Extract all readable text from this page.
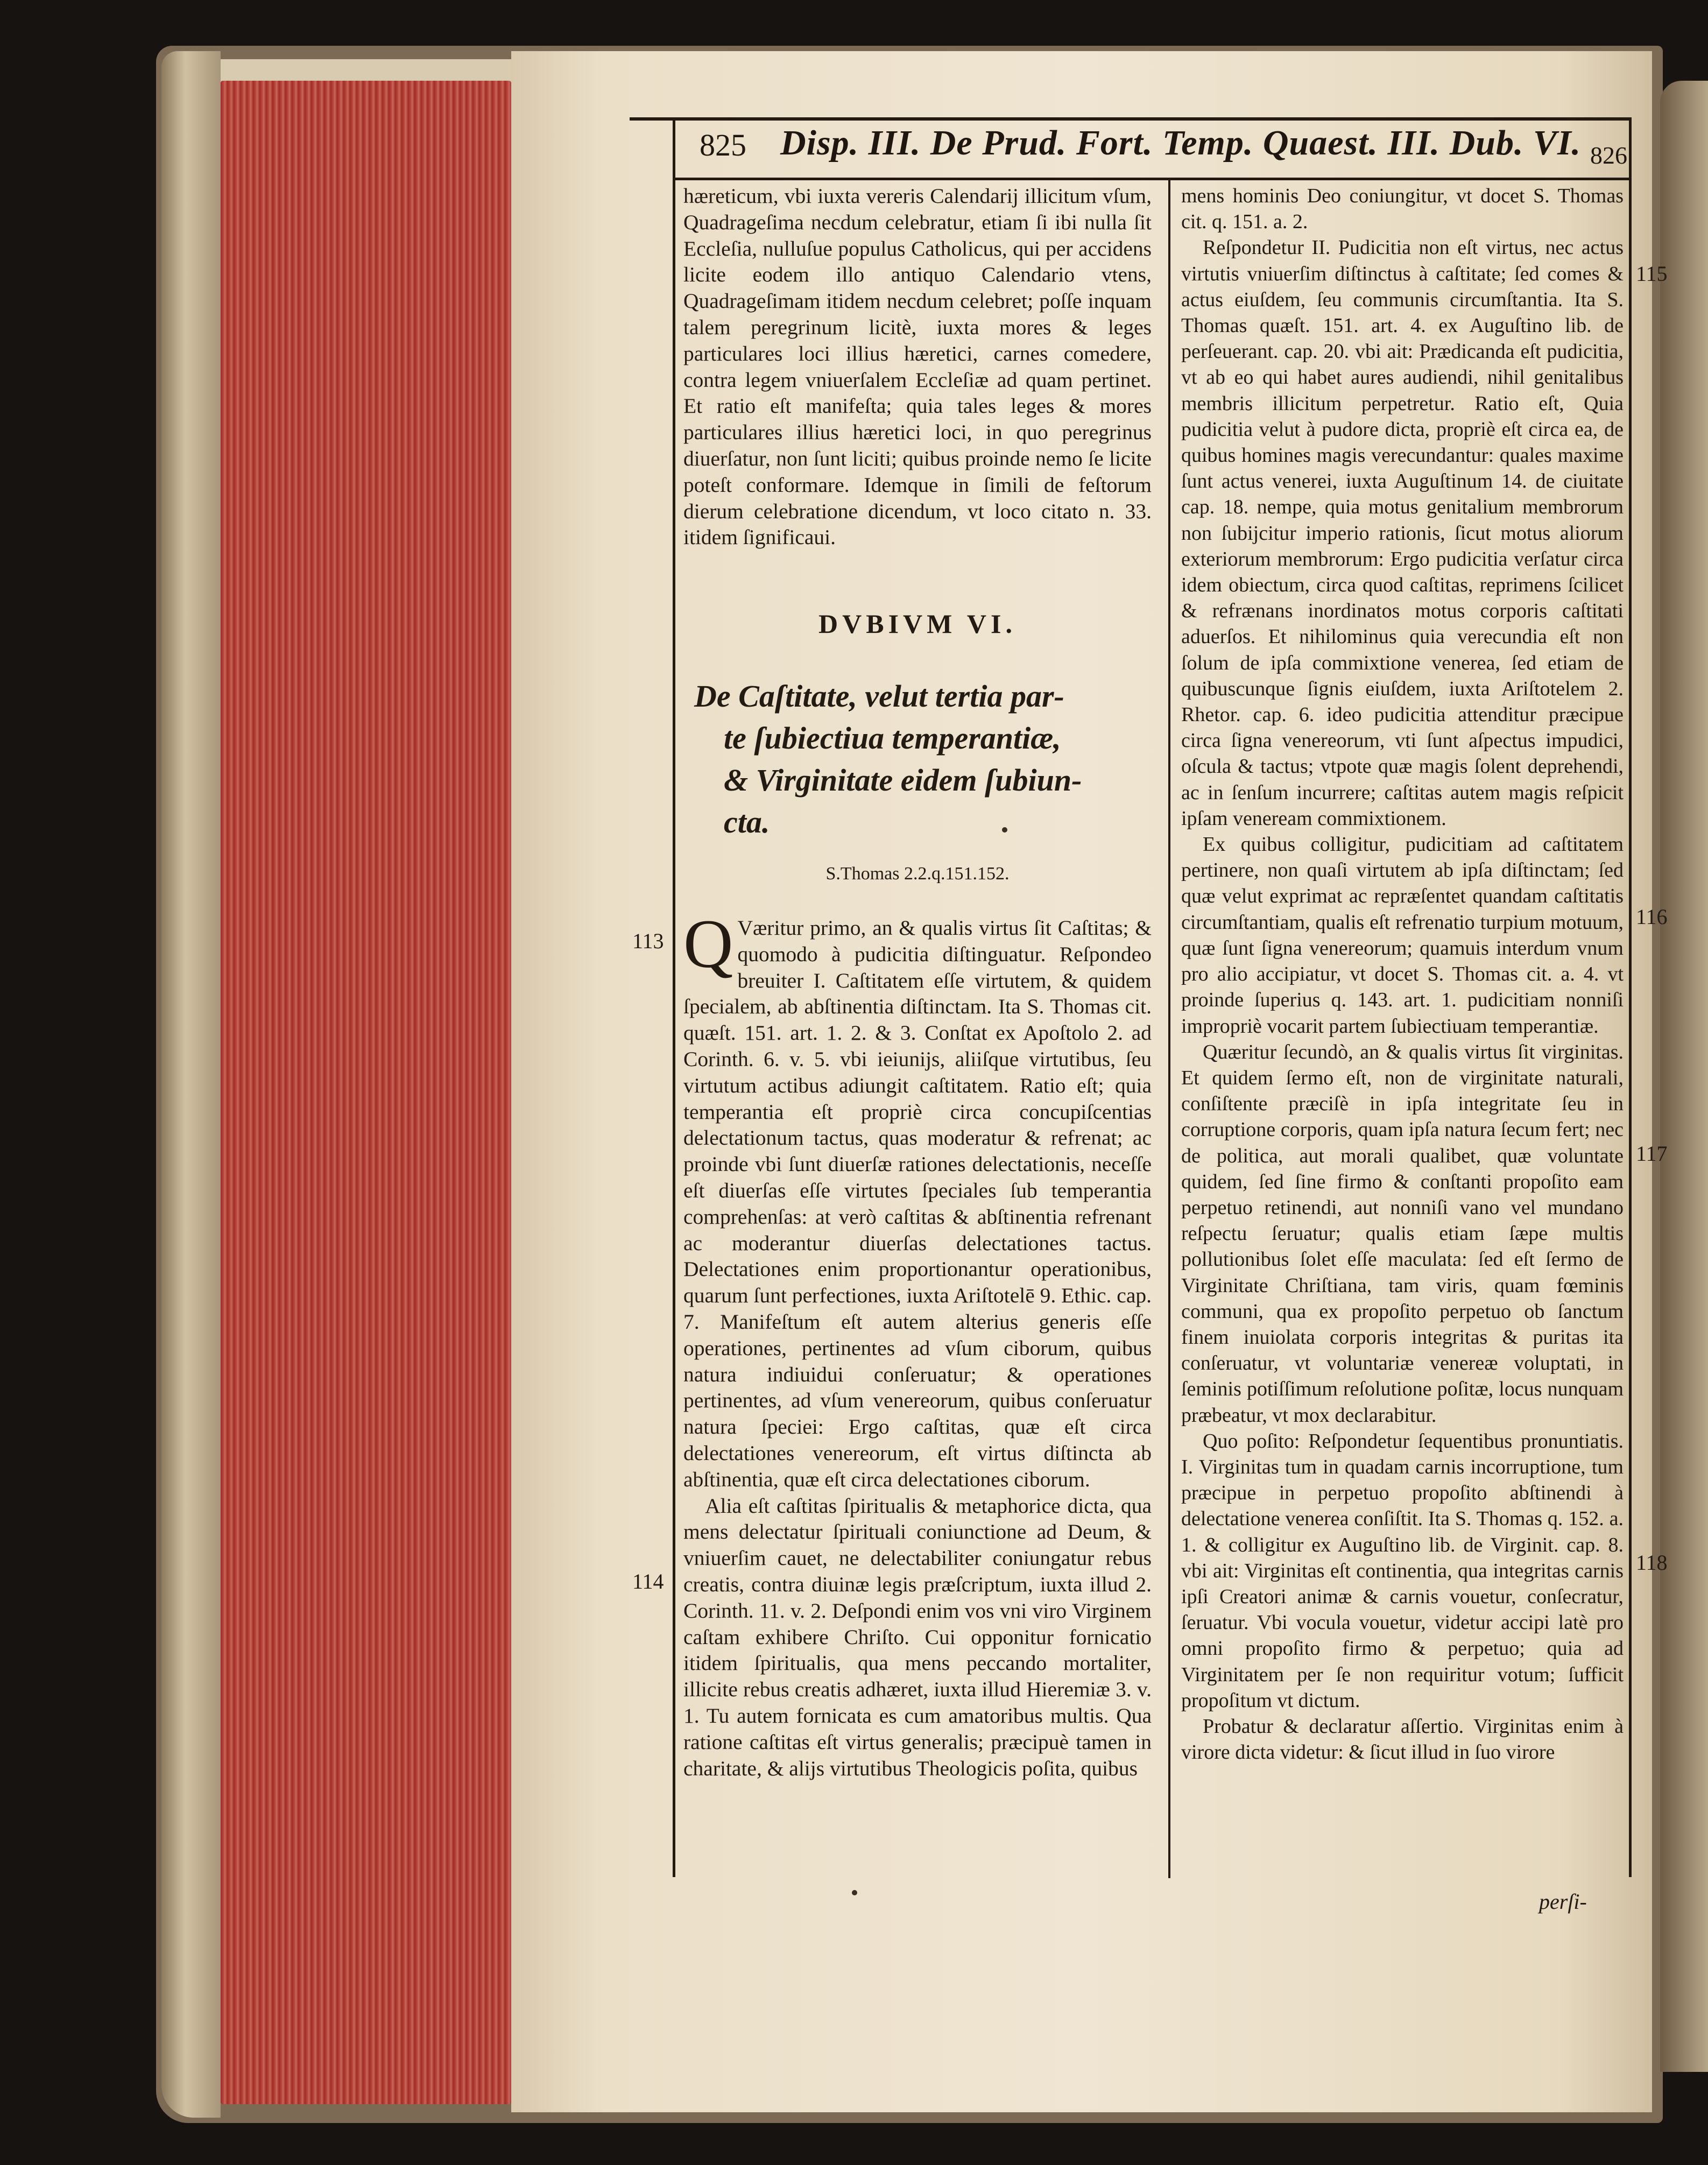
825 Disp. III. De Prud. Fort. Temp. Quaest. III. Dub. VI. 826

hæreticum, vbi iuxta vereris Calendarij illicitum vſum, Quadrageſima necdum celebratur, etiam ſi ibi nulla ſit Eccleſia, nulluſue populus Catholicus, qui per accidens licite eodem illo antiquo Calendario vtens, Quadrageſimam itidem necdum celebret; poſſe inquam talem peregrinum licitè, iuxta mores & leges particulares loci illius hæretici, carnes comedere, contra legem vniuerſalem Eccleſiæ ad quam pertinet. Et ratio eſt manifeſta; quia tales leges & mores particulares illius hæretici loci, in quo peregrinus diuerſatur, non ſunt liciti; quibus proinde nemo ſe licite poteſt conformare. Idemque in ſimili de feſtorum dierum celebratione dicendum, vt loco citato n. 33. itidem ſignificaui.

DVBIVM VI.
De Caſtitate, velut tertia par-
te ſubiectiua temperantiæ,
& Virginitate eidem ſubiun-
cta.
S.Thomas 2.2.q.151.152.

Q Væritur primo, an & qualis virtus ſit Caſtitas; & quomodo à pudicitia diſtinguatur. Reſpondeo breuiter I. Caſtitatem eſſe virtutem, & quidem ſpecialem, ab abſtinentia diſtinctam. Ita S. Thomas cit. quæſt. 151. art. 1. 2. & 3. Conſtat ex Apoſtolo 2. ad Corinth. 6. v. 5. vbi ieiunijs, aliiſque virtutibus, ſeu virtutum actibus adiungit caſtitatem. Ratio eſt; quia temperantia eſt propriè circa concupiſcentias delectationum tactus, quas moderatur & refrenat; ac proinde vbi ſunt diuerſæ rationes delectationis, neceſſe eſt diuerſas eſſe virtutes ſpeciales ſub temperantia comprehenſas: at verò caſtitas & abſtinentia refrenant ac moderantur diuerſas delectationes tactus. Delectationes enim proportionantur operationibus, quarum ſunt perfectiones, iuxta Ariſtotelē 9. Ethic. cap. 7. Manifeſtum eſt autem alterius generis eſſe operationes, pertinentes ad vſum ciborum, quibus natura indiuidui conſeruatur; & operationes pertinentes, ad vſum venereorum, quibus conſeruatur natura ſpeciei: Ergo caſtitas, quæ eſt circa delectationes venereorum, eſt virtus diſtincta ab abſtinentia, quæ eſt circa delectationes ciborum.

Alia eſt caſtitas ſpiritualis & metaphorice dicta, qua mens delectatur ſpirituali coniunctione ad Deum, & vniuerſim cauet, ne delectabiliter coniungatur rebus creatis, contra diuinæ legis præſcriptum, iuxta illud 2. Corinth. 11. v. 2. Deſpondi enim vos vni viro Virginem caſtam exhibere Chriſto. Cui opponitur fornicatio itidem ſpiritualis, qua mens peccando mortaliter, illicite rebus creatis adhæret, iuxta illud Hieremiæ 3. v. 1. Tu autem fornicata es cum amatoribus multis. Qua ratione caſtitas eſt virtus generalis; præcipuè tamen in charitate, & alijs virtutibus Theologicis poſita, quibus

mens hominis Deo coniungitur, vt docet S. Thomas cit. q. 151. a. 2.

Reſpondetur II. Pudicitia non eſt virtus, nec actus virtutis vniuerſim diſtinctus à caſtitate; ſed comes & actus eiuſdem, ſeu communis circumſtantia. Ita S. Thomas quæſt. 151. art. 4. ex Auguſtino lib. de perſeuerant. cap. 20. vbi ait: Prædicanda eſt pudicitia, vt ab eo qui habet aures audiendi, nihil genitalibus membris illicitum perpetretur. Ratio eſt, Quia pudicitia velut à pudore dicta, propriè eſt circa ea, de quibus homines magis verecundantur: quales maxime ſunt actus venerei, iuxta Auguſtinum 14. de ciuitate cap. 18. nempe, quia motus genitalium membrorum non ſubijcitur imperio rationis, ſicut motus aliorum exteriorum membrorum: Ergo pudicitia verſatur circa idem obiectum, circa quod caſtitas, reprimens ſcilicet & refrænans inordinatos motus corporis caſtitati aduerſos. Et nihilominus quia verecundia eſt non ſolum de ipſa commixtione venerea, ſed etiam de quibuscunque ſignis eiuſdem, iuxta Ariſtotelem 2. Rhetor. cap. 6. ideo pudicitia attenditur præcipue circa ſigna venereorum, vti ſunt aſpectus impudici, oſcula & tactus; vtpote quæ magis ſolent deprehendi, ac in ſenſum incurrere; caſtitas autem magis reſpicit ipſam veneream commixtionem.

Ex quibus colligitur, pudicitiam ad caſtitatem pertinere, non quaſi virtutem ab ipſa diſtinctam; ſed quæ velut exprimat ac repræſentet quandam caſtitatis circumſtantiam, qualis eſt refrenatio turpium motuum, quæ ſunt ſigna venereorum; quamuis interdum vnum pro alio accipiatur, vt docet S. Thomas cit. a. 4. vt proinde ſuperius q. 143. art. 1. pudicitiam nonniſi impropriè vocarit partem ſubiectiuam temperantiæ.

Quæritur ſecundò, an & qualis virtus ſit virginitas. Et quidem ſermo eſt, non de virginitate naturali, conſiſtente præciſè in ipſa integritate ſeu in corruptione corporis, quam ipſa natura ſecum fert; nec de politica, aut morali qualibet, quæ voluntate quidem, ſed ſine firmo & conſtanti propoſito eam perpetuo retinendi, aut nonniſi vano vel mundano reſpectu ſeruatur; qualis etiam ſæpe multis pollutionibus ſolet eſſe maculata: ſed eſt ſermo de Virginitate Chriſtiana, tam viris, quam fœminis communi, qua ex propoſito perpetuo ob ſanctum finem inuiolata corporis integritas & puritas ita conſeruatur, vt voluntariæ venereæ voluptati, in ſeminis potiſſimum reſolutione poſitæ, locus nunquam præbeatur, vt mox declarabitur.

Quo poſito: Reſpondetur ſequentibus pronuntiatis. I. Virginitas tum in quadam carnis incorruptione, tum præcipue in perpetuo propoſito abſtinendi à delectatione venerea conſiſtit. Ita S. Thomas q. 152. a. 1. & colligitur ex Auguſtino lib. de Virginit. cap. 8. vbi ait: Virginitas eſt continentia, qua integritas carnis ipſi Creatori animæ & carnis vouetur, conſecratur, ſeruatur. Vbi vocula vouetur, videtur accipi latè pro omni propoſito firmo & perpetuo; quia ad Virginitatem per ſe non requiritur votum; ſufficit propoſitum vt dictum.

Probatur & declaratur aſſertio. Virginitas enim à virore dicta videtur: & ſicut illud in ſuo virore

113
114
115
116
117
118
perſi-
